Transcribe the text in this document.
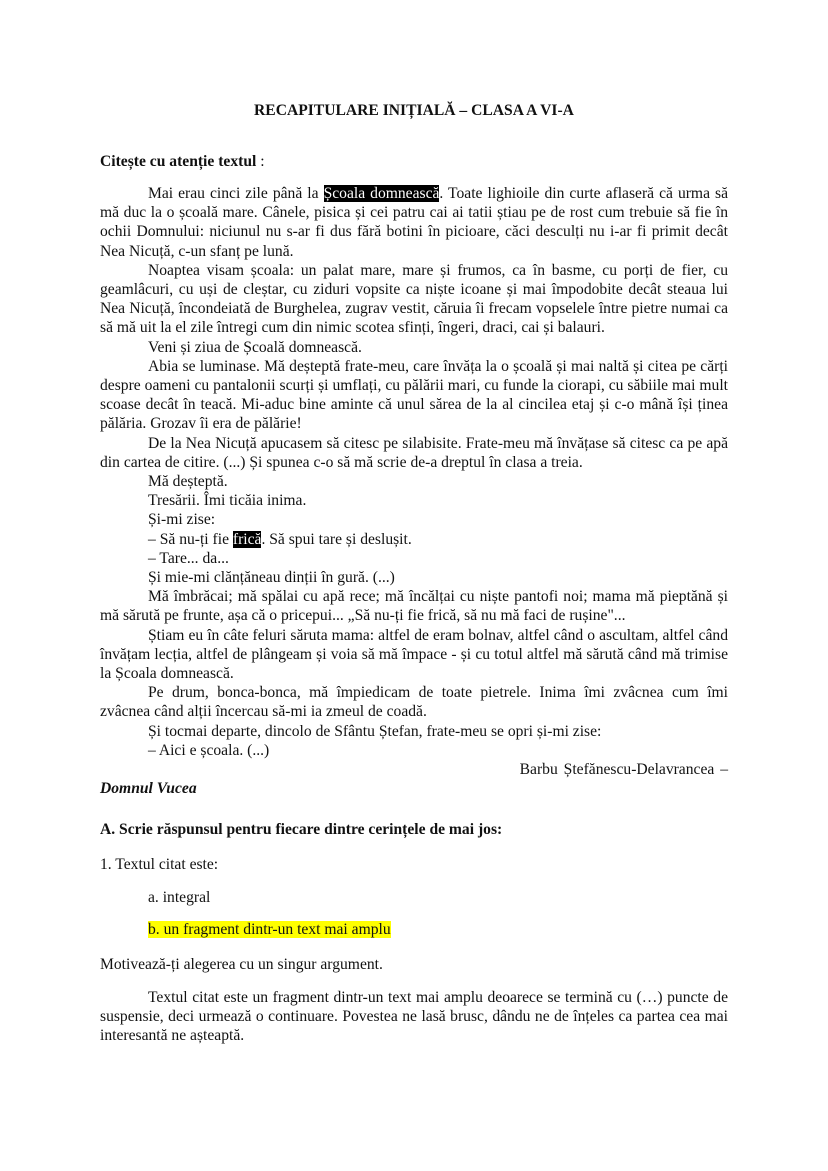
RECAPITULARE INIȚIALĂ – CLASA A VI-A
Citește cu atenție textul :

Mai erau cinci zile până la Școala domnească. Toate lighioile din curte aflaseră că urma să mă duc la o școală mare. Cânele, pisica și cei patru cai ai tatii știau pe de rost cum trebuie să fie în ochii Domnului: niciunul nu s-ar fi dus fără botini în picioare, căci desculți nu i-ar fi primit decât Nea Nicuță, c-un sfanț pe lună.

Noaptea visam școala: un palat mare, mare și frumos, ca în basme, cu porți de fier, cu geamlâcuri, cu uși de cleștar, cu ziduri vopsite ca niște icoane și mai împodobite decât steaua lui Nea Nicuță, încondeiată de Burghelea, zugrav vestit, căruia îi frecam vopselele între pietre numai ca să mă uit la el zile întregi cum din nimic scotea sfinți, îngeri, draci, cai și balauri.

Veni și ziua de Școală domnească.

Abia se luminase. Mă deșteptă frate-meu, care învăța la o școală și mai naltă și citea pe cărți despre oameni cu pantalonii scurți și umflați, cu pălării mari, cu funde la ciorapi, cu săbiile mai mult scoase decât în teacă. Mi-aduc bine aminte că unul sărea de la al cincilea etaj și c-o mână își ținea pălăria. Grozav îi era de pălărie!

De la Nea Nicuță apucasem să citesc pe silabisite. Frate-meu mă învățase să citesc ca pe apă din cartea de citire. (...) Și spunea c-o să mă scrie de-a dreptul în clasa a treia.

Mă deșteptă.

Tresării. Îmi ticăia inima.

Și-mi zise:

– Să nu-ți fie frică. Să spui tare și deslușit.

– Tare... da...

Și mie-mi clănțăneau dinții în gură. (...)

Mă îmbrăcai; mă spălai cu apă rece; mă încălțai cu niște pantofi noi; mama mă pieptănă și mă sărută pe frunte, așa că o pricepui... „Să nu-ți fie frică, să nu mă faci de rușine"...

Știam eu în câte feluri săruta mama: altfel de eram bolnav, altfel când o ascultam, altfel când învățam lecția, altfel de plângeam și voia să mă împace - și cu totul altfel mă sărută când mă trimise la Școala domnească.

Pe drum, bonca-bonca, mă împiedicam de toate pietrele. Inima îmi zvâcnea cum îmi zvâcnea când alții încercau să-mi ia zmeul de coadă.

Și tocmai departe, dincolo de Sfântu Ștefan, frate-meu se opri și-mi zise:

– Aici e școala. (...)

Barbu Ștefănescu-Delavrancea –

Domnul Vucea

A. Scrie răspunsul pentru fiecare dintre cerințele de mai jos:
1. Textul citat este:
a. integral
b. un fragment dintr-un text mai amplu
Motivează-ți alegerea cu un singur argument.

Textul citat este un fragment dintr-un text mai amplu deoarece se termină cu (…) puncte de suspensie, deci urmează o continuare. Povestea ne lasă brusc, dându ne de înțeles ca partea cea mai interesantă ne așteaptă.
